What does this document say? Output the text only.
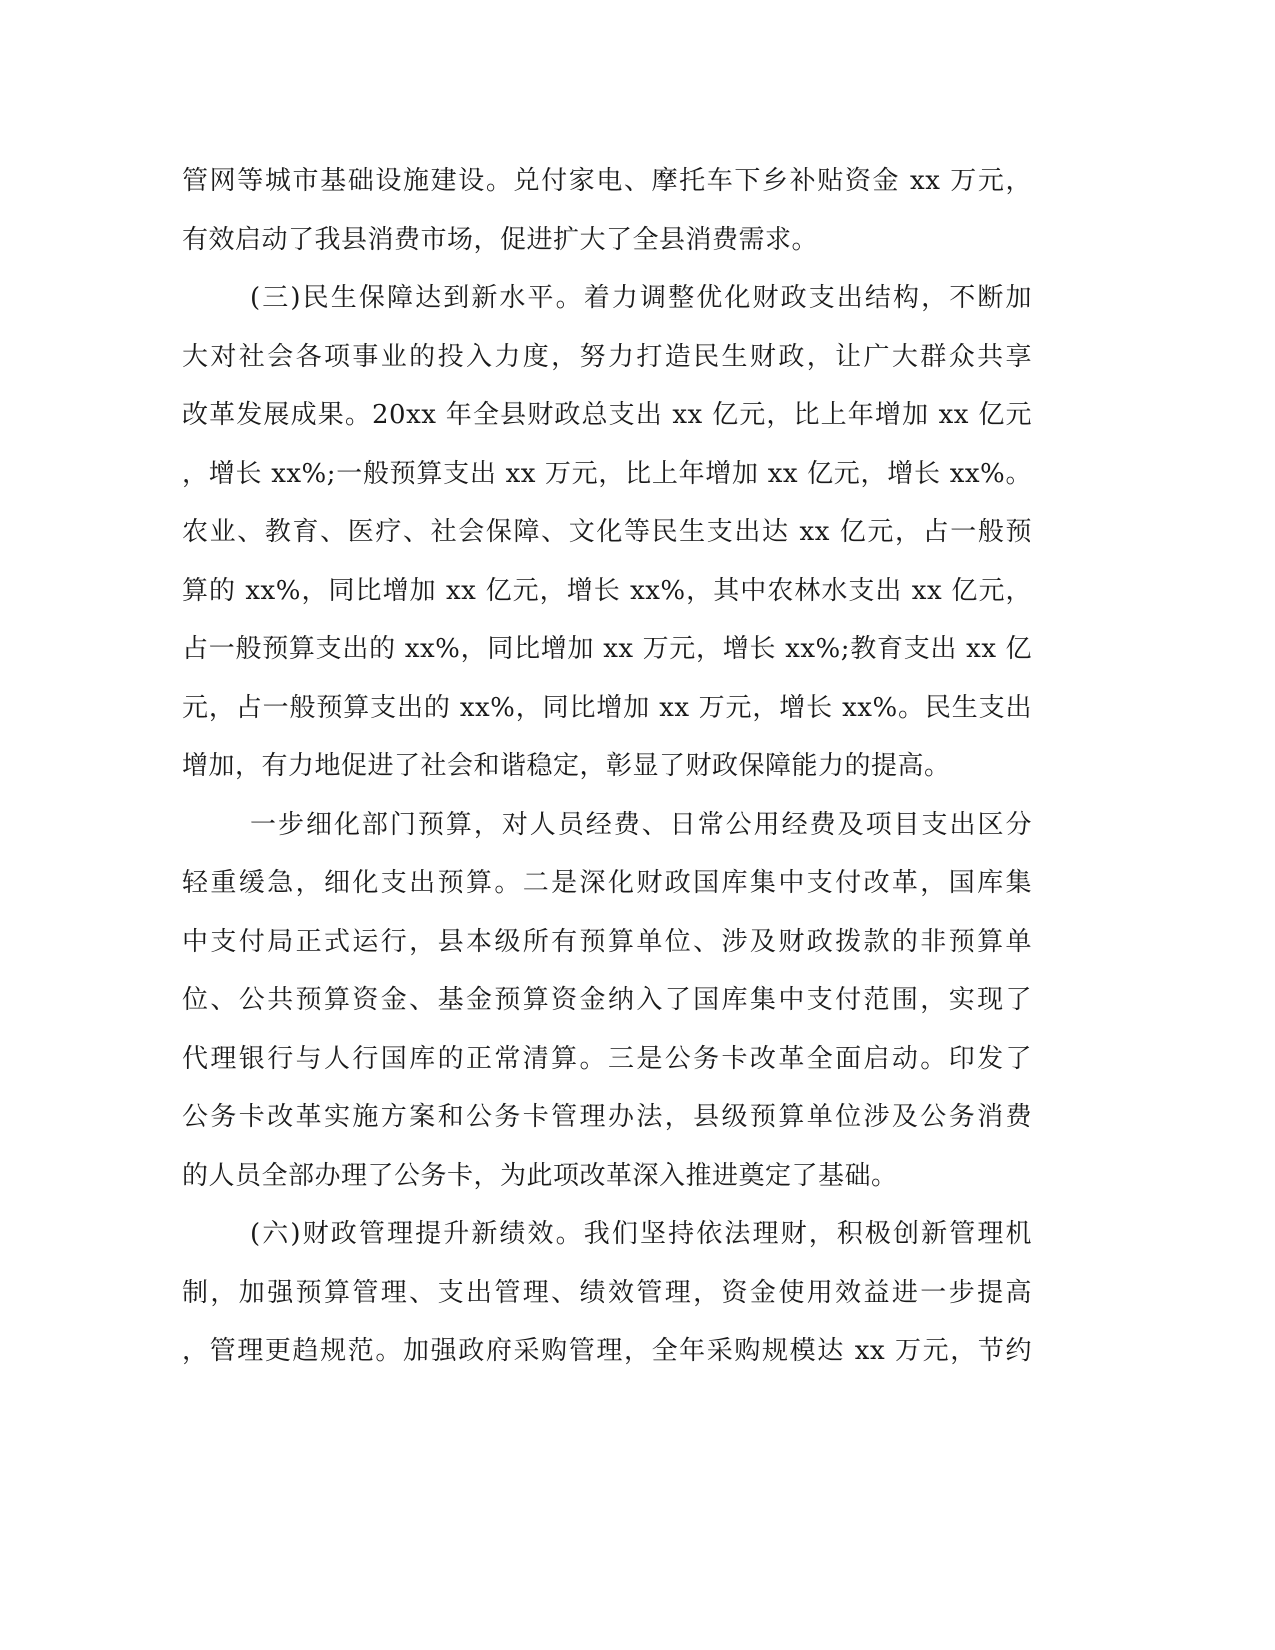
管网等城市基础设施建设。兑付家电、摩托车下乡补贴资金 xx 万元，
有效启动了我县消费市场，促进扩大了全县消费需求。
(三)民生保障达到新水平。着力调整优化财政支出结构，不断加
大对社会各项事业的投入力度，努力打造民生财政，让广大群众共享
改革发展成果。20xx 年全县财政总支出 xx 亿元，比上年增加 xx 亿元
，增长 xx%;一般预算支出 xx 万元，比上年增加 xx 亿元，增长 xx%。
农业、教育、医疗、社会保障、文化等民生支出达 xx 亿元，占一般预
算的 xx%，同比增加 xx 亿元，增长 xx%，其中农林水支出 xx 亿元，
占一般预算支出的 xx%，同比增加 xx 万元，增长 xx%;教育支出 xx 亿
元，占一般预算支出的 xx%，同比增加 xx 万元，增长 xx%。民生支出
增加，有力地促进了社会和谐稳定，彰显了财政保障能力的提高。
一步细化部门预算，对人员经费、日常公用经费及项目支出区分
轻重缓急，细化支出预算。二是深化财政国库集中支付改革，国库集
中支付局正式运行，县本级所有预算单位、涉及财政拨款的非预算单
位、公共预算资金、基金预算资金纳入了国库集中支付范围，实现了
代理银行与人行国库的正常清算。三是公务卡改革全面启动。印发了
公务卡改革实施方案和公务卡管理办法，县级预算单位涉及公务消费
的人员全部办理了公务卡，为此项改革深入推进奠定了基础。
(六)财政管理提升新绩效。我们坚持依法理财，积极创新管理机
制，加强预算管理、支出管理、绩效管理，资金使用效益进一步提高
，管理更趋规范。加强政府采购管理，全年采购规模达 xx 万元，节约
